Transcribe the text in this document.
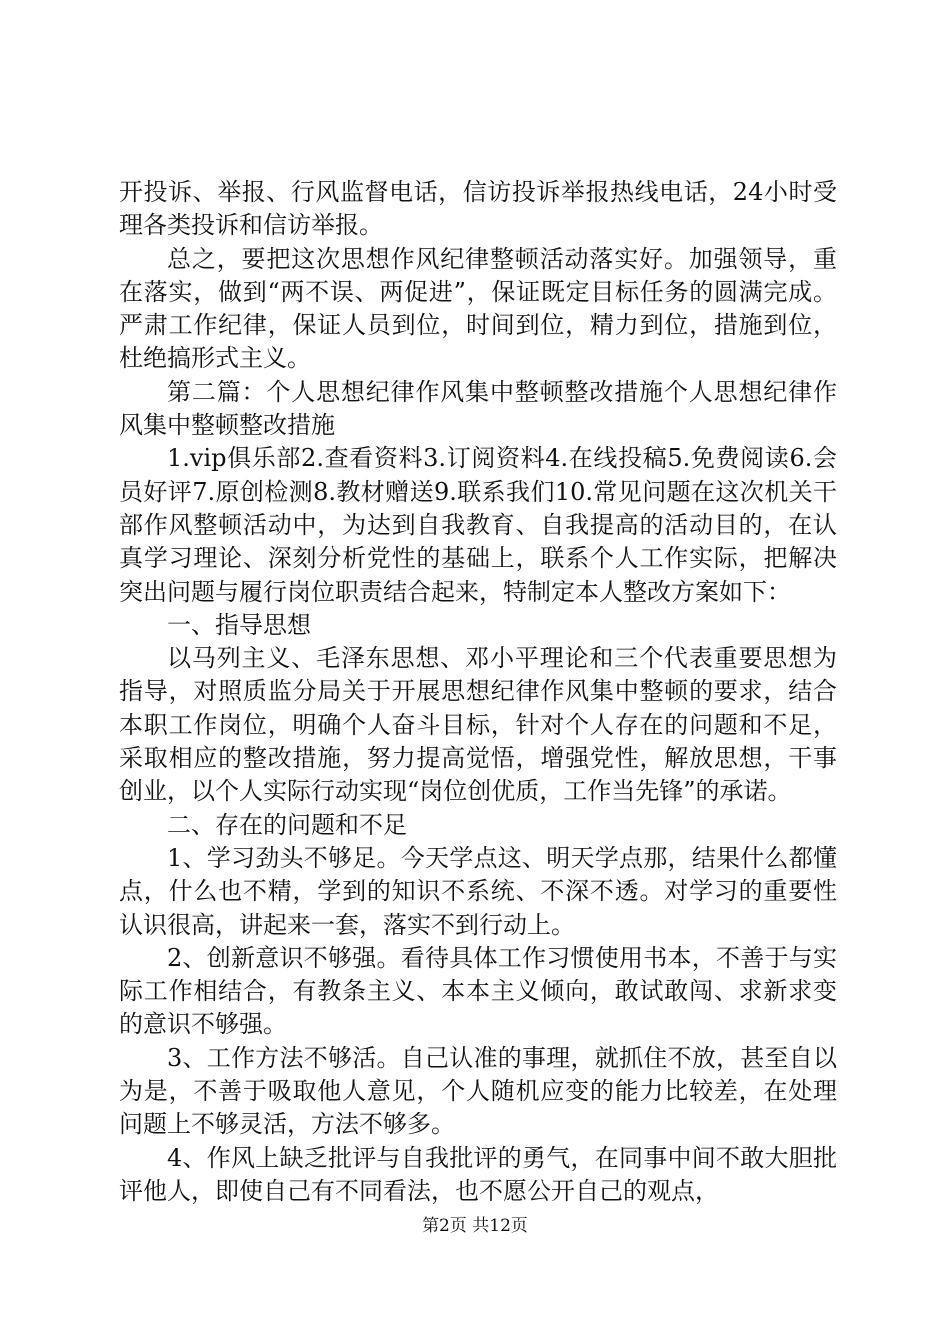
开投诉、举报、行风监督电话，信访投诉举报热线电话，24小时受理各类投诉和信访举报。

总之，要把这次思想作风纪律整顿活动落实好。加强领导，重在落实，做到“两不误、两促进”，保证既定目标任务的圆满完成。严肃工作纪律，保证人员到位，时间到位，精力到位，措施到位，杜绝搞形式主义。

第二篇：个人思想纪律作风集中整顿整改措施个人思想纪律作风集中整顿整改措施

1.vip俱乐部2.查看资料3.订阅资料4.在线投稿5.免费阅读6.会员好评7.原创检测8.教材赠送9.联系我们10.常见问题在这次机关干部作风整顿活动中，为达到自我教育、自我提高的活动目的，在认真学习理论、深刻分析党性的基础上，联系个人工作实际，把解决突出问题与履行岗位职责结合起来，特制定本人整改方案如下：

一、指导思想

以马列主义、毛泽东思想、邓小平理论和三个代表重要思想为指导，对照质监分局关于开展思想纪律作风集中整顿的要求，结合本职工作岗位，明确个人奋斗目标，针对个人存在的问题和不足，采取相应的整改措施，努力提高觉悟，增强党性，解放思想，干事创业，以个人实际行动实现“岗位创优质，工作当先锋”的承诺。

二、存在的问题和不足

1、学习劲头不够足。今天学点这、明天学点那，结果什么都懂点，什么也不精，学到的知识不系统、不深不透。对学习的重要性认识很高，讲起来一套，落实不到行动上。

2、创新意识不够强。看待具体工作习惯使用书本，不善于与实际工作相结合，有教条主义、本本主义倾向，敢试敢闯、求新求变的意识不够强。

3、工作方法不够活。自己认准的事理，就抓住不放，甚至自以为是，不善于吸取他人意见，个人随机应变的能力比较差，在处理问题上不够灵活，方法不够多。

4、作风上缺乏批评与自我批评的勇气，在同事中间不敢大胆批评他人，即使自己有不同看法，也不愿公开自己的观点，

第2页 共12页
